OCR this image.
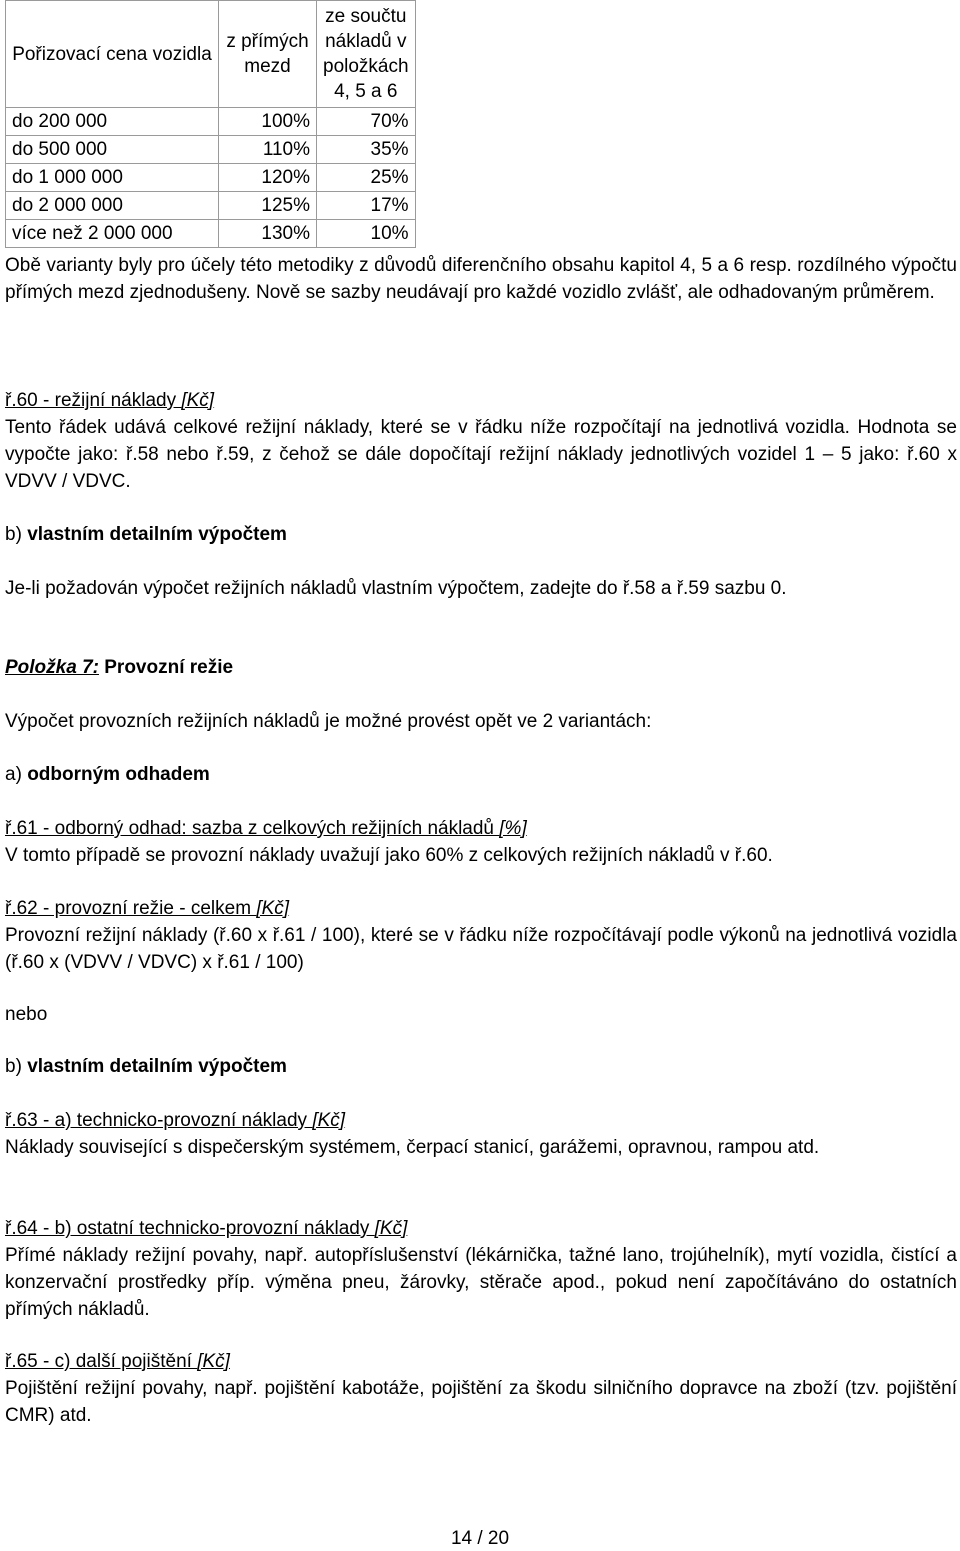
Pořizovací cena vozidla	z přímých mezd	ze součtu nákladů v položkách 4, 5 a 6
do 200 000	100%	70%
do 500 000	110%	35%
do 1 000 000	120%	25%
do 2 000 000	125%	17%
více než 2 000 000	130%	10%
Obě varianty byly pro účely této metodiky z důvodů diferenčního obsahu kapitol 4, 5 a 6 resp. rozdílného výpočtu přímých mezd zjednodušeny. Nově se sazby neudávají pro každé vozidlo zvlášť, ale odhadovaným průměrem.
ř.60 - režijní náklady [Kč]
Tento řádek udává celkové režijní náklady, které se v řádku níže rozpočítají na jednotlivá vozidla. Hodnota se vypočte jako: ř.58 nebo ř.59, z čehož se dále dopočítají režijní náklady jednotlivých vozidel 1 – 5 jako: ř.60 x VDVV / VDVC.
b) vlastním detailním výpočtem
Je-li požadován výpočet režijních nákladů vlastním výpočtem, zadejte do ř.58 a ř.59 sazbu 0.
Položka 7: Provozní režie
Výpočet provozních režijních nákladů je možné provést opět ve 2 variantách:
a) odborným odhadem
ř.61 - odborný odhad: sazba z celkových režijních nákladů [%]
V tomto případě se provozní náklady uvažují jako 60% z celkových režijních nákladů v ř.60.
ř.62 - provozní režie - celkem [Kč]
Provozní režijní náklady (ř.60 x ř.61 / 100), které se v řádku níže rozpočítávají podle výkonů na jednotlivá vozidla (ř.60 x (VDVV / VDVC) x ř.61 / 100)
nebo
b) vlastním detailním výpočtem
ř.63 - a) technicko-provozní náklady [Kč]
Náklady související s dispečerským systémem, čerpací stanicí, garážemi, opravnou, rampou atd.
ř.64 - b) ostatní technicko-provozní náklady [Kč]
Přímé náklady režijní povahy, např. autopříslušenství (lékárnička, tažné lano, trojúhelník), mytí vozidla, čistící a konzervační prostředky příp. výměna pneu, žárovky, stěrače apod., pokud není započítáváno do ostatních přímých nákladů.
ř.65 - c) další pojištění [Kč]
Pojištění režijní povahy, např. pojištění kabotáže, pojištění za škodu silničního dopravce na zboží (tzv. pojištění CMR) atd.
14 / 20
